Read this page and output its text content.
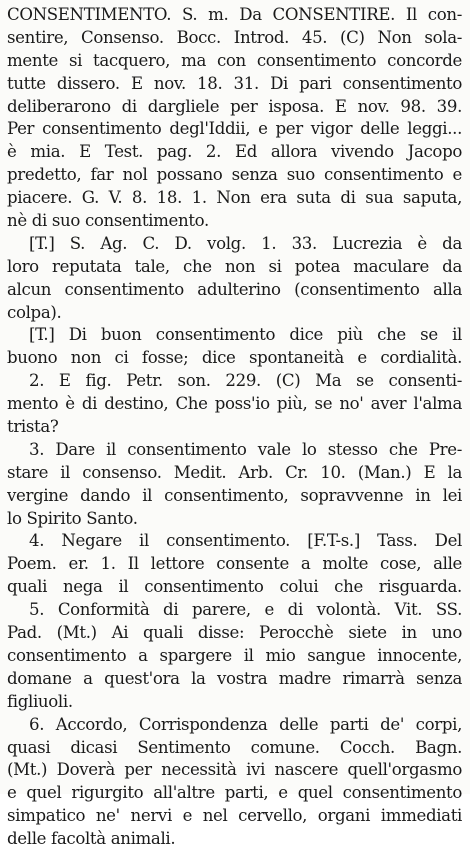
CONSENTIMENTO. S. m. Da CONSENTIRE. Il con-
sentire, Consenso. Bocc. Introd. 45. (C) Non sola-
mente si tacquero, ma con consentimento concorde
tutte dissero. E nov. 18. 31. Di pari consentimento
deliberarono di dargliele per isposa. E nov. 98. 39.
Per consentimento degl'Iddii, e per vigor delle leggi...
è mia. E Test. pag. 2. Ed allora vivendo Jacopo
predetto, far nol possano senza suo consentimento e
piacere. G. V. 8. 18. 1. Non era suta di sua saputa,
nè di suo consentimento.
[T.] S. Ag. C. D. volg. 1. 33. Lucrezia è da
loro reputata tale, che non si potea maculare da
alcun consentimento adulterino (consentimento alla
colpa).
[T.] Di buon consentimento dice più che se il
buono non ci fosse; dice spontaneità e cordialità.
2. E fig. Petr. son. 229. (C) Ma se consenti-
mento è di destino, Che poss'io più, se no' aver l'alma
trista?
3. Dare il consentimento vale lo stesso che Pre-
stare il consenso. Medit. Arb. Cr. 10. (Man.) E la
vergine dando il consentimento, sopravvenne in lei
lo Spirito Santo.
4. Negare il consentimento. [F.T-s.] Tass. Del
Poem. er. 1. Il lettore consente a molte cose, alle
quali nega il consentimento colui che risguarda.
5. Conformità di parere, e di volontà. Vit. SS.
Pad. (Mt.) Ai quali disse: Perocchè siete in uno
consentimento a spargere il mio sangue innocente,
domane a quest'ora la vostra madre rimarrà senza
figliuoli.
6. Accordo, Corrispondenza delle parti de' corpi,
quasi dicasi Sentimento comune. Cocch. Bagn.
(Mt.) Doverà per necessità ivi nascere quell'orgasmo
e quel rigurgito all'altre parti, e quel consentimento
simpatico ne' nervi e nel cervello, organi immediati
delle facoltà animali.
